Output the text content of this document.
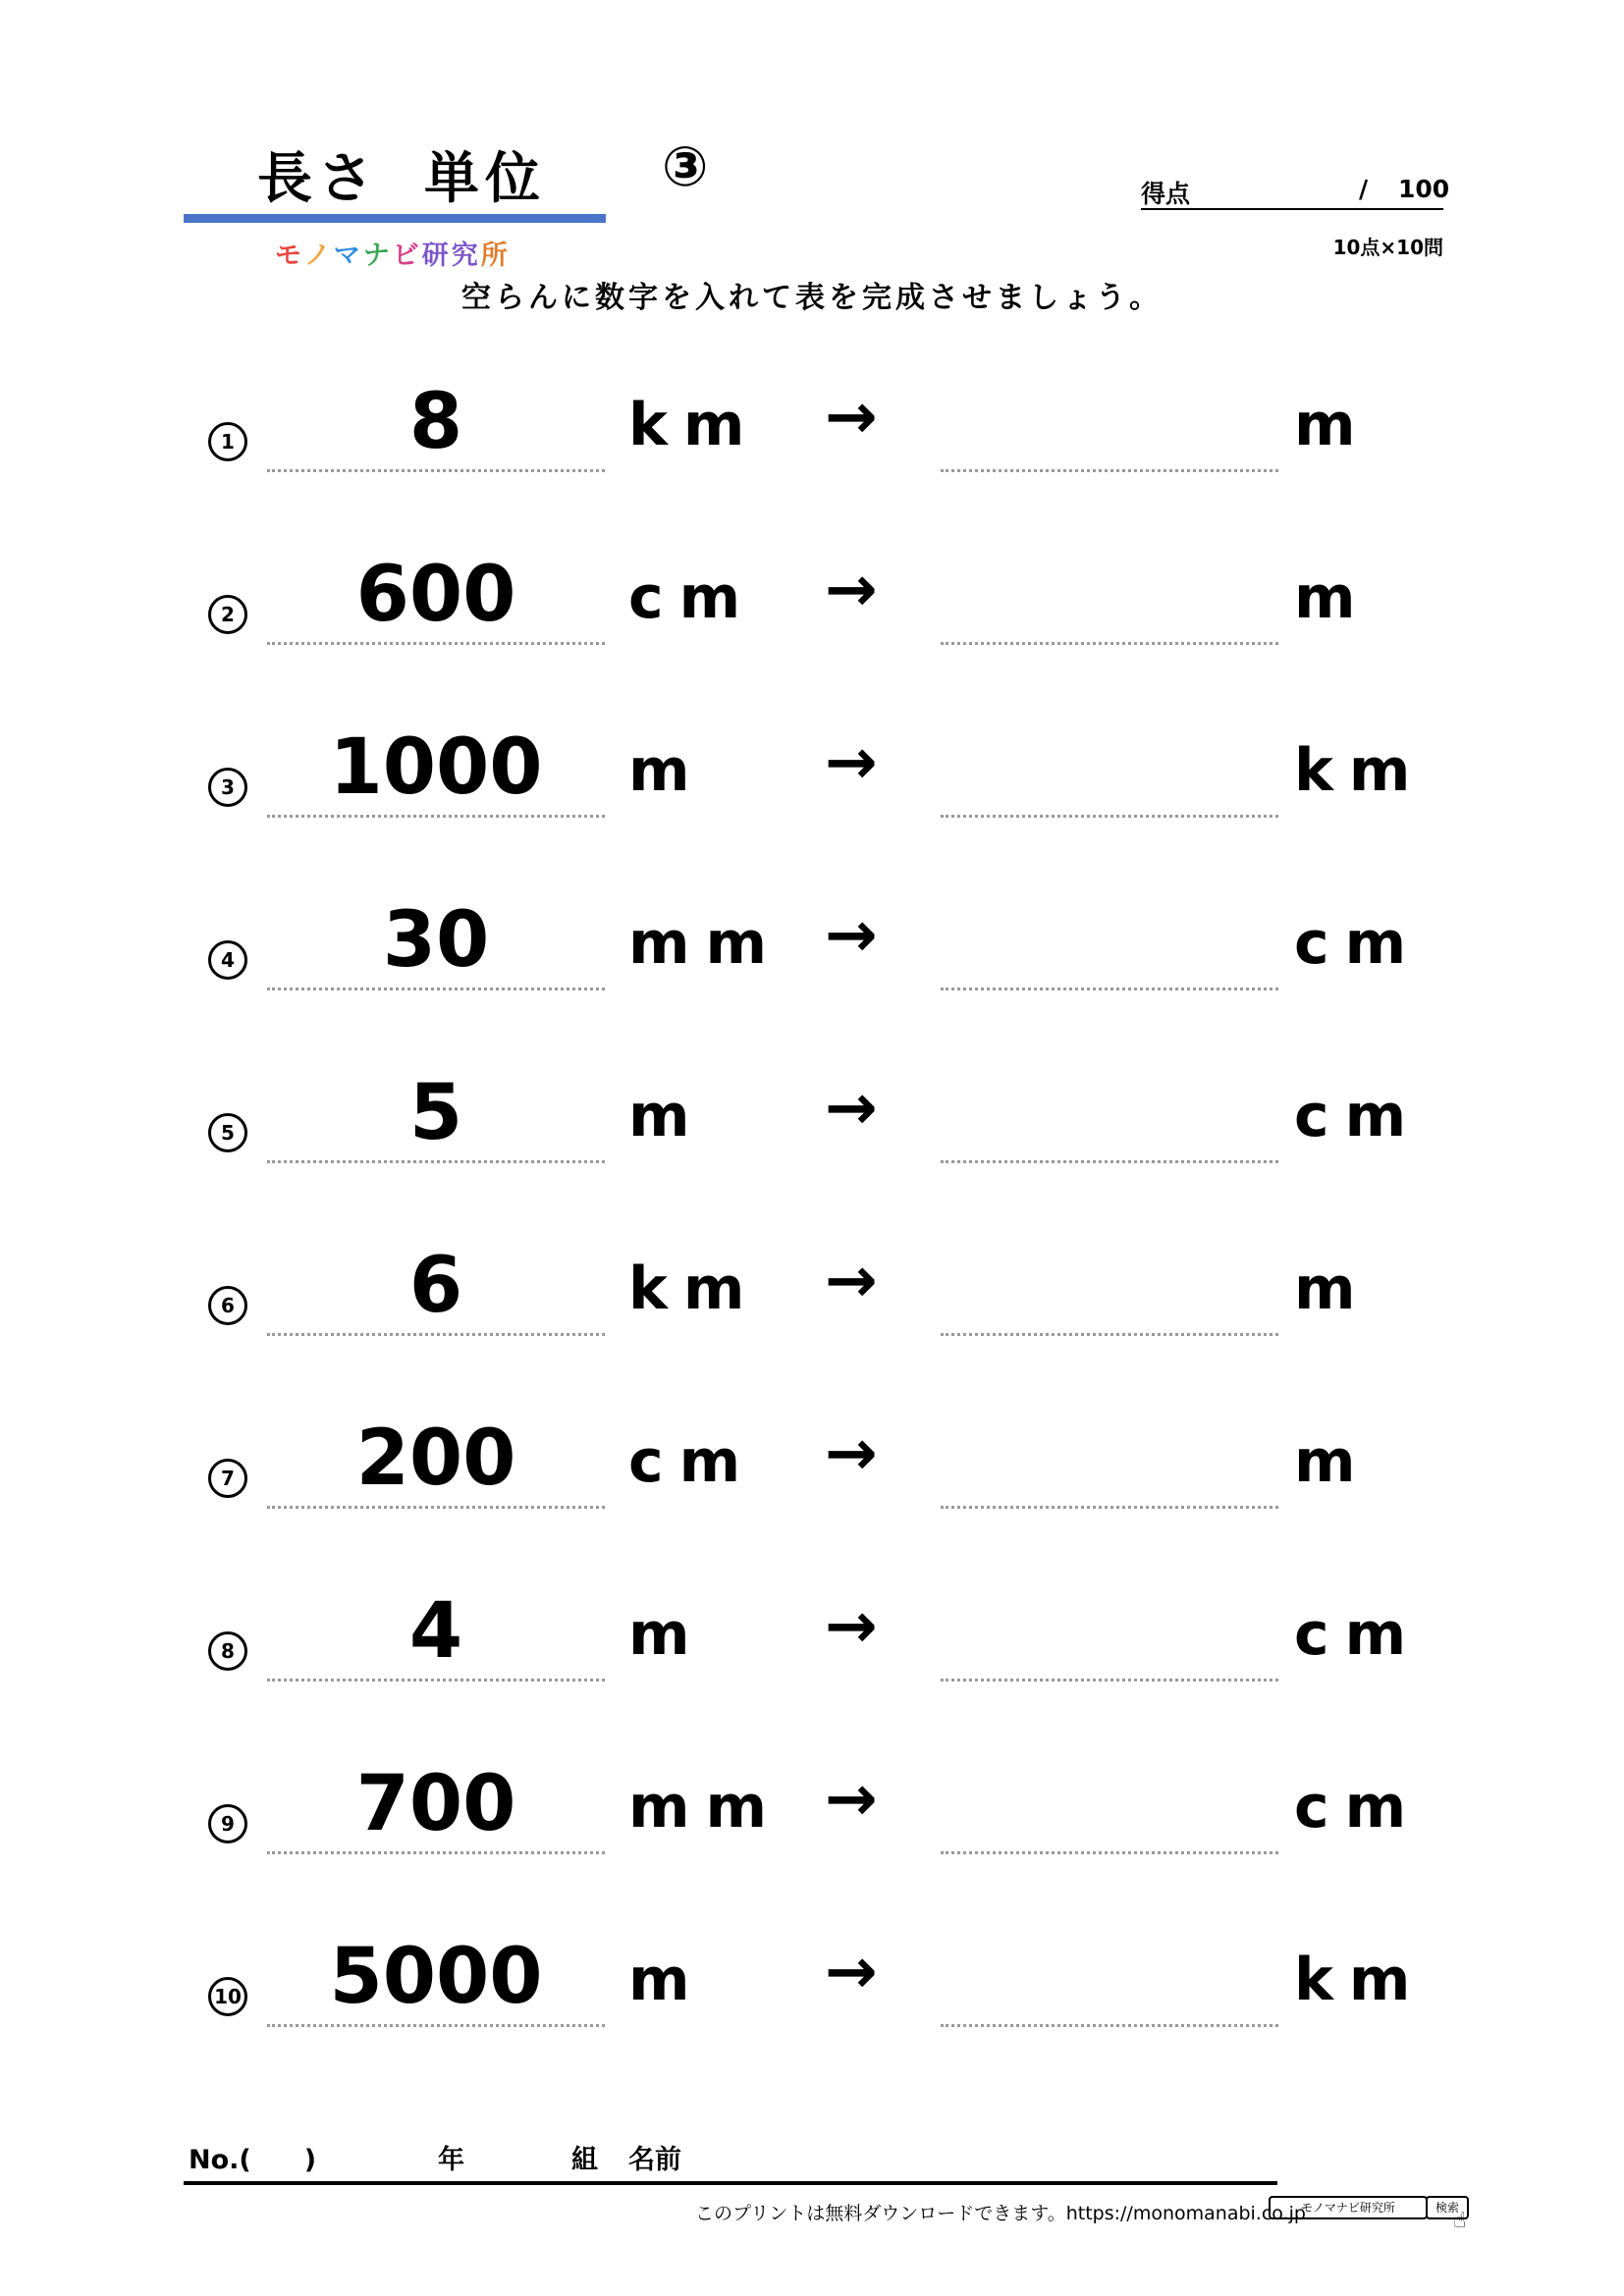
長さ 単位 ③
モノマナビ研究所
得点	/ 100
10点×10問
空らんに数字を入れて表を完成させましょう。
1	8	km →	m
2	600	cm →	m
3	1000	m →	km
4	30	mm →	cm
5	5	m →	cm
6	6	km →	m
7	200	cm →	m
8	4	m →	cm
9	700	mm →	cm
10	5000	m →	km
No.(　　)	年	組 名前
このプリントは無料ダウンロードできます。https://monomanabi.co.jp
モノマナビ研究所	検索
☝
